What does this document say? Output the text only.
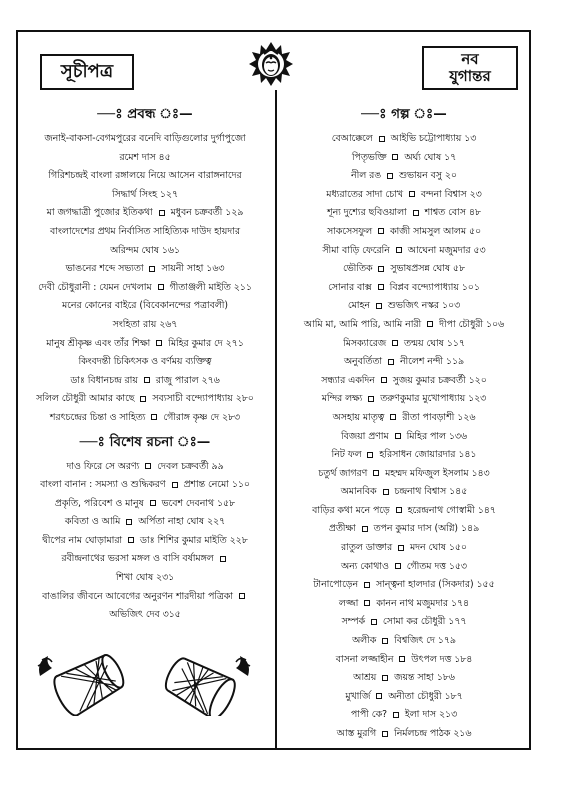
সূচীপত্র
নব
যুগান্তর
—ঃ প্রবন্ধ ঃ—
জনাই-বাকসা-বেগমপুরের বনেদি বাড়িগুলোর দুর্গাপুজো
রমেশ দাস ৪৫
গিরিশচন্দ্রই বাংলা রঙ্গালয়ে নিয়ে আসেন বারাঙ্গনাদের
সিদ্ধার্থ সিংহ ১২৭
মা জগদ্ধাত্রী পুজোর ইতিকথা  মধুবন চক্রবর্তী ১২৯
বাংলাদেশের প্রথম নির্বাসিত সাহিত্যিক দাউদ হায়দার
অরিন্দম ঘোষ ১৬১
ভাঙনের শব্দে সভ্যতা  সায়নী সাহা ১৬৩
দেবী চৌধুরানী : যেমন দেখলাম  গীতাঞ্জলী মাইতি ২১১
মনের কোনের বাইরে (বিবেকানন্দের পত্রাবলী)
সংহিতা রায় ২৬৭
মানুষ শ্রীকৃষ্ণ এবং তাঁর শিক্ষা  মিহির কুমার দে ২৭১
কিংবদন্তী চিকিৎসক ও বর্ণময় ব্যক্তিত্ব
ডাঃ বিধানচন্দ্র রায়  রাজু পারাল ২৭৬
সলিল চৌধুরী আমার কাছে  সব্যসাচী বন্দ্যোপাধ্যায় ২৮০
শরৎচন্দ্রের চিন্তা ও সাহিত্য  গৌরাঙ্গ কৃষ্ণ দে ২৮৩
—ঃ বিশেষ রচনা ঃ—
দাও ফিরে সে অরণ্য  দেবল চক্রবর্তী ৯৯
বাংলা বানান : সমস্যা ও শুদ্ধিকরণ  প্রশান্ত নেমো ১১০
প্রকৃতি, পরিবেশ ও মানুষ  ভবেশ দেবনাথ ১৫৮
কবিতা ও আমি  অর্পিতা নাহা ঘোষ ২২৭
দ্বীপের নাম ঘোড়ামারা  ডাঃ শিশির কুমার মাইতি ২২৮
রবীন্দ্রনাথের ভরসা মঙ্গল ও বাসি বর্ষামঙ্গল
শিখা ঘোষ ২৩১
বাঙালির জীবনে আবেগের অনুরণন শারদীয়া পত্রিকা
অভিজিৎ দেব ৩১৫
—ঃ গল্প ঃ—
বেআক্কেলে  আইভি চট্টোপাধ্যায় ১৩
পিতৃভক্তি  অর্ঘ্য ঘোষ ১৭
নীল রঙ  শুভায়ন বসু ২০
মধ্যরাতের সাদা চোখ  বন্দনা বিশ্বাস ২৩
শূন্য দুশ্যের ছবিওয়ালা  শাশ্বত বোস ৪৮
সাকসেসফুল  কাজী সামসুল আলম ৫০
সীমা বাড়ি ফেরেনি  আঘেনা মজুমদার ৫৩
ভৌতিক  সুভাষপ্রসন্ন ঘোষ ৫৮
সোনার বাক্স  বিপ্লব বন্দ্যোপাধ্যায় ১০১
মোহন  শুভজিৎ নস্কর ১০৩
আমি মা, আমি পারি, আমি নারী  দীপা চৌধুরী ১০৬
মিসক্যারেজ  তন্ময় ঘোষ ১১৭
অনুবর্তিতা  নীলেশ নন্দী ১১৯
সন্ধ্যার একদিন  সুজয় কুমার চক্রবর্তী ১২০
মন্দির লক্ষ্য  তরুণকুমার মুখোপাধ্যায় ১২৩
অসহায় মাতৃত্ব  রীতা পাবড়াশী ১২৬
বিজয়া প্রণাম  মিহির পাল ১৩৬
নিট ফল  হরিসাধন জোয়ারদার ১৪১
চতুর্থ জাগরণ  মহম্মদ মফিজুল ইসলাম ১৪৩
অমানবিক  চন্দ্রনাথ বিশ্বাস ১৪৫
বাড়ির কথা মনে পড়ে  হরেন্দ্রনাথ গোস্বামী ১৪৭
প্রতীক্ষা  তপন কুমার দাস (অগ্নি) ১৪৯
রাতুল ডাক্তার  মদন ঘোষ ১৫০
অন্য কোথাও  গৌতম দত্ত ১৫৩
টানাপোড়েন  সান্ত্বনা হালদার (সিকদার) ১৫৫
লজ্জা  কানন নাথ মজুমদার ১৭৪
সম্পর্ক  সোমা কর চৌধুরী ১৭৭
অলীক  বিশ্বজিৎ দে ১৭৯
বাসনা লজ্জাহীন  উৎপল দত্ত ১৮৪
আশ্রয়  জয়ন্ত সাহা ১৮৬
মুখার্জি  অনীতা চৌধুরী ১৮৭
পাপী কে?  ইলা দাস ২১৩
আস্ত মুরগি  নির্মলচন্দ্র পাঠক ২১৬
